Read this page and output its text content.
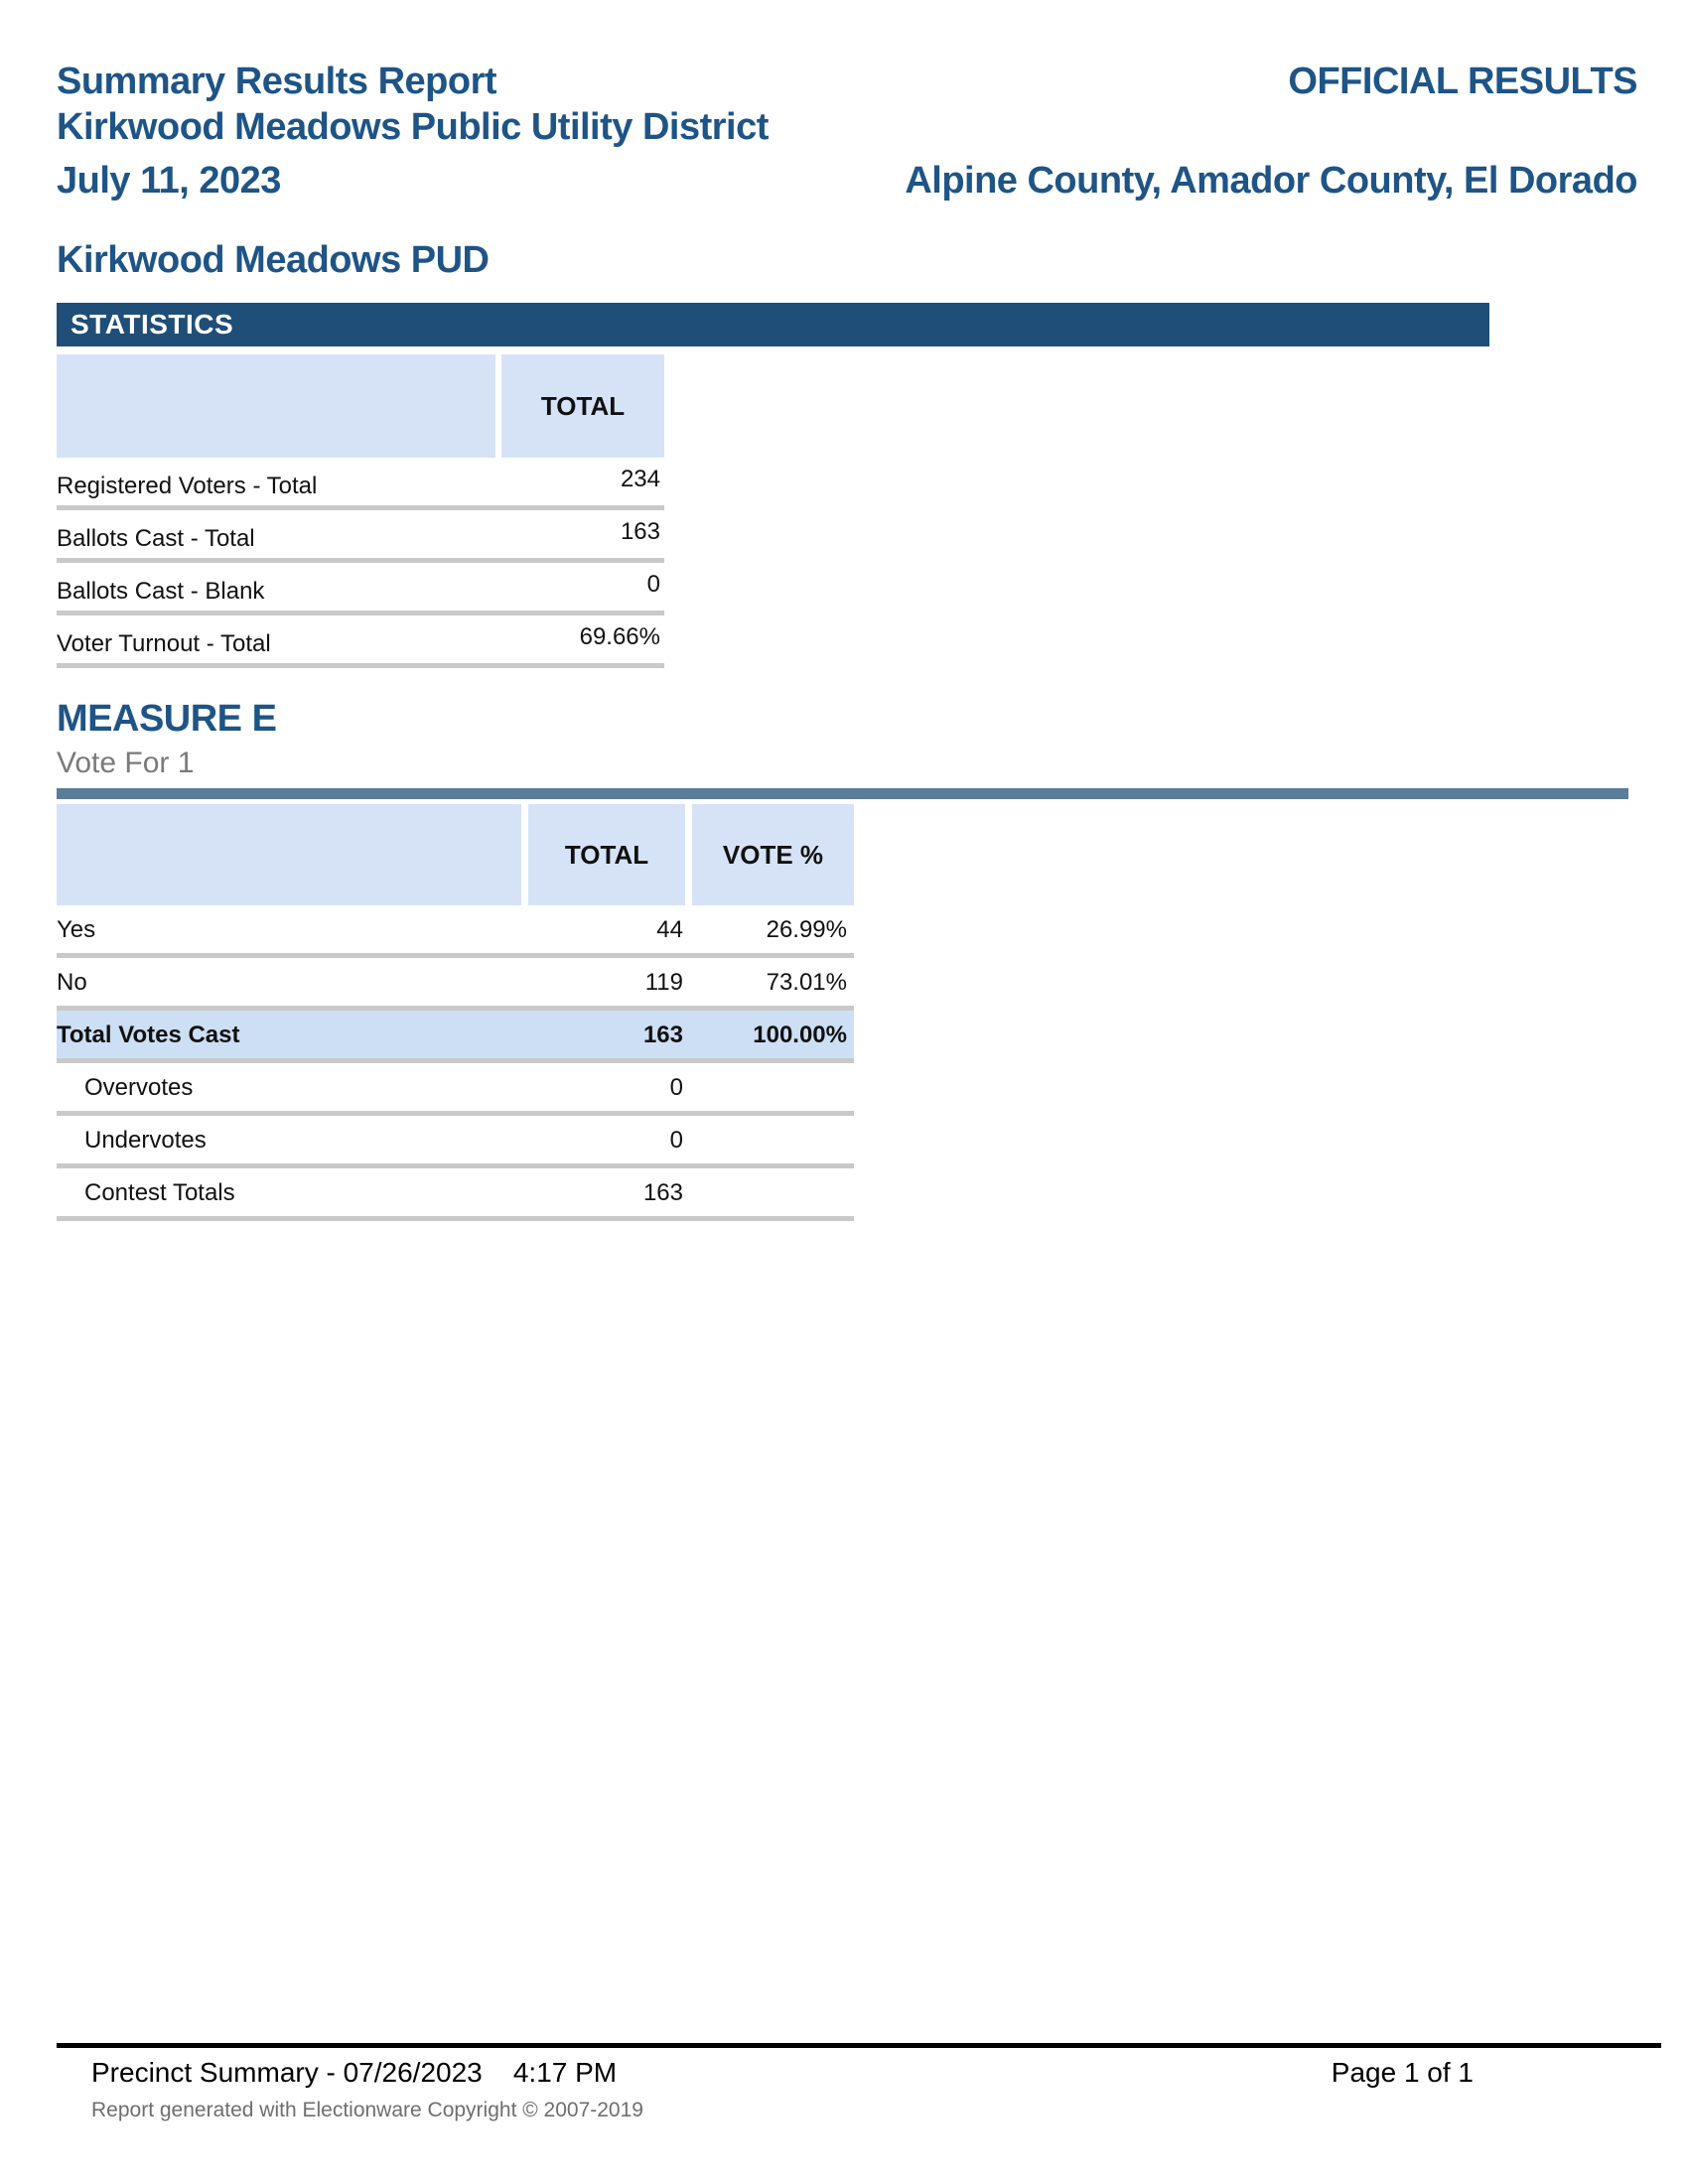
Summary Results Report	OFFICIAL RESULTS
Kirkwood Meadows Public Utility District
July 11, 2023	Alpine County, Amador County, El Dorado
Kirkwood Meadows PUD
STATISTICS
TOTAL
Registered Voters - Total	234
Ballots Cast - Total	163
Ballots Cast - Blank	0
Voter Turnout - Total	69.66%
MEASURE E
Vote For 1
TOTAL	VOTE %
Yes	44	26.99%
No	119	73.01%
Total Votes Cast	163	100.00%
Overvotes	0
Undervotes	0
Contest Totals	163
Precinct Summary - 07/26/2023    4:17 PM	Page 1 of 1
Report generated with Electionware Copyright © 2007-2019
